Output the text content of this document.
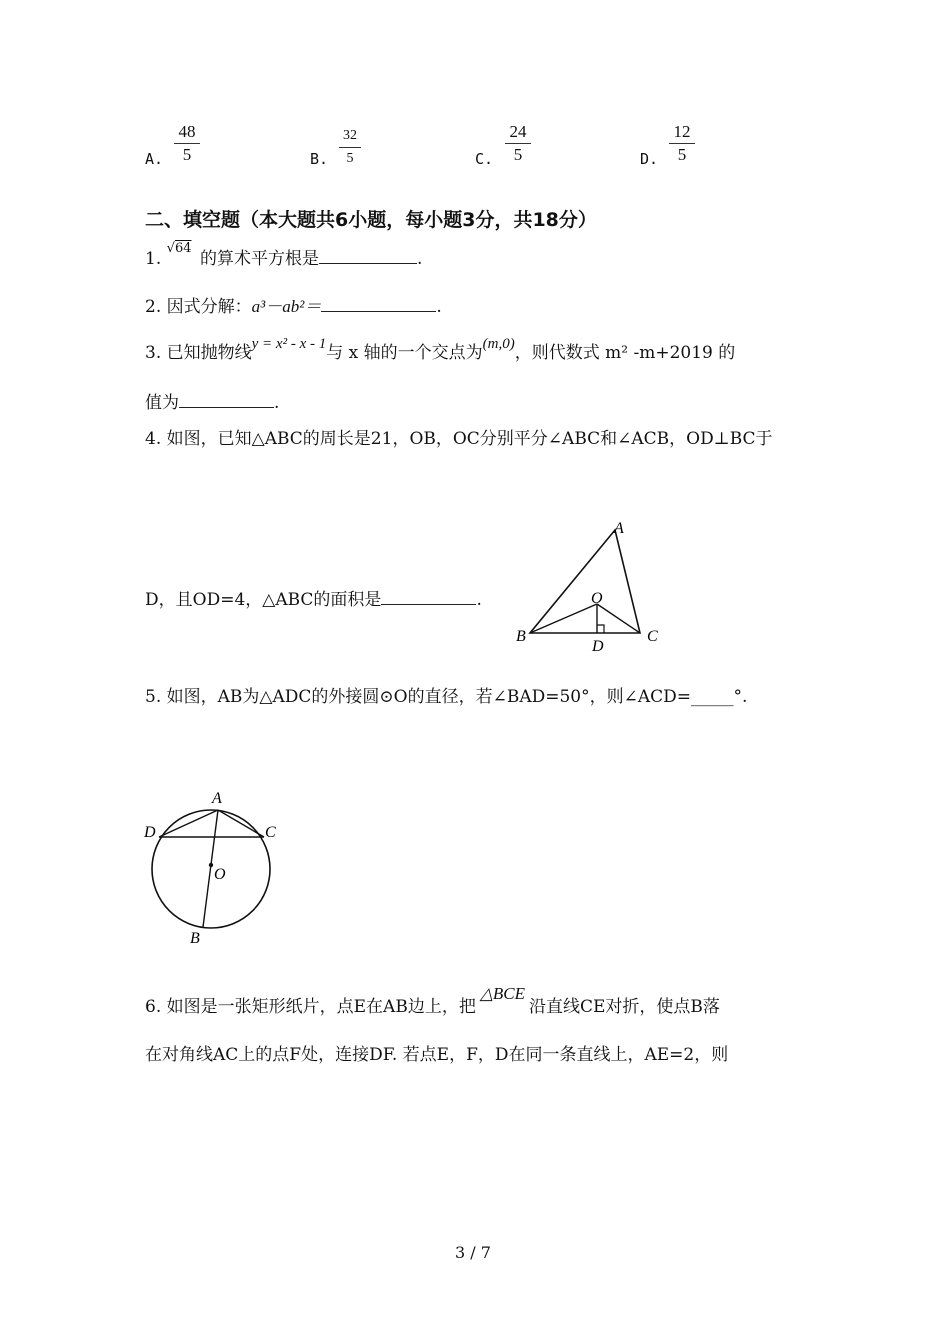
A.
48
5	B.
32
5	C.
24
5	D.
12
5
二、填空题（本大题共6小题，每小题3分，共18分）
1. √64 的算术平方根是	.
2. 因式分解：a³－ab²＝	.
3. 已知抛物线y = x² - x - 1与 x 轴的一个交点为(m,0)，则代数式 m² -m+2019 的
值为	.
4. 如图，已知△ABC的周长是21，OB，OC分别平分∠ABC和∠ACB，OD⊥BC于
D，且OD=4，△ABC的面积是	.
A
B	C
O
D
5. 如图，AB为△ADC的外接圆⊙O的直径，若∠BAD=50°，则∠ACD=_____°.
A
D	C
O
B
6. 如图是一张矩形纸片，点E在AB边上，把△BCE沿直线CE对折，使点B落
在对角线AC上的点F处，连接DF. 若点E，F，D在同一条直线上，AE=2，则
3 / 7
